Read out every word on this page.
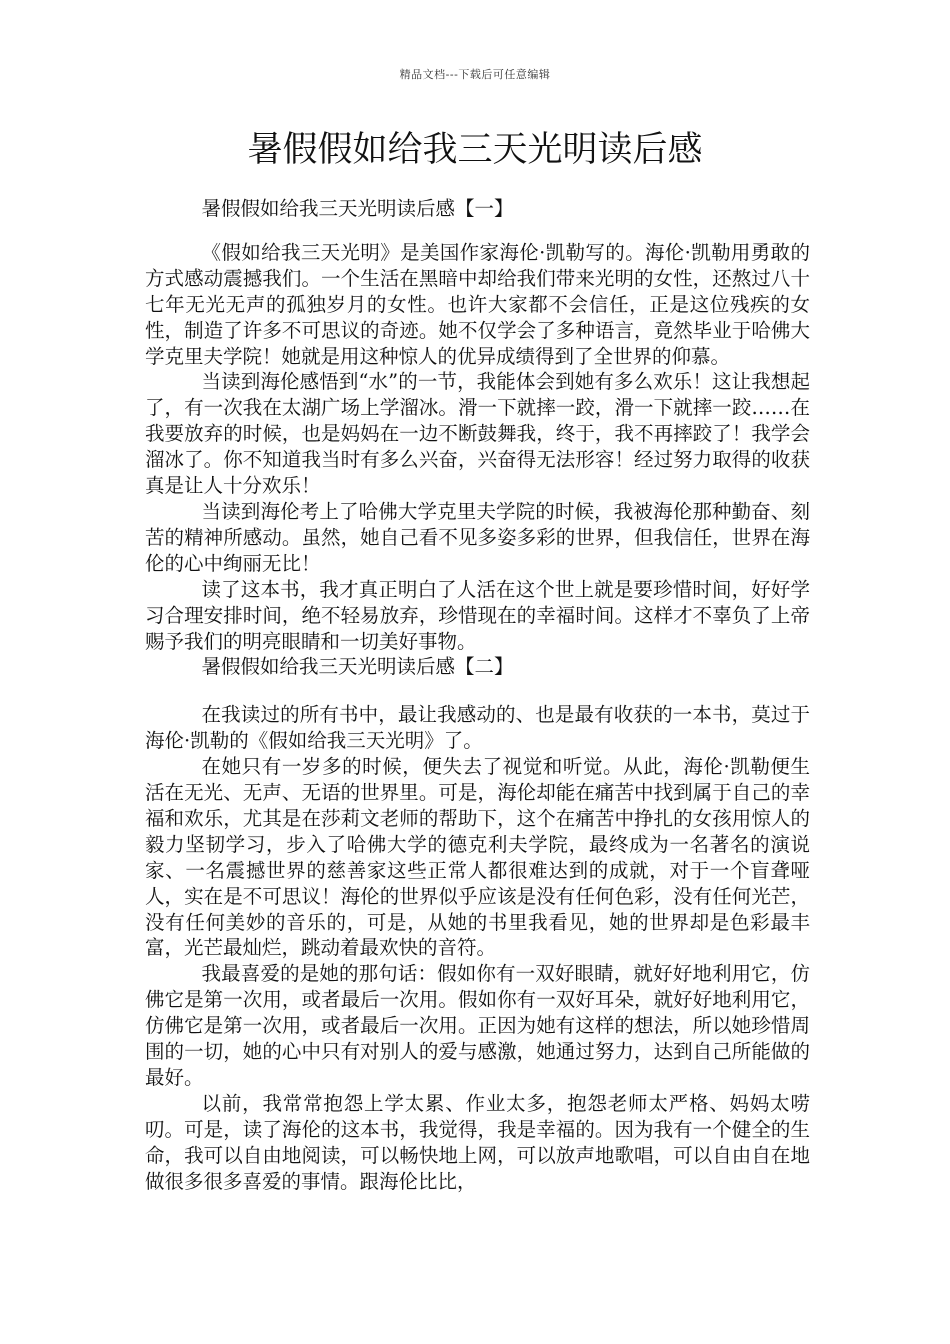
精品文档---下载后可任意编辑
暑假假如给我三天光明读后感
暑假假如给我三天光明读后感【一】

《假如给我三天光明》是美国作家海伦·凯勒写的。海伦·凯勒用勇敢的方式感动震撼我们。一个生活在黑暗中却给我们带来光明的女性，还熬过八十七年无光无声的孤独岁月的女性。也许大家都不会信任，正是这位残疾的女性，制造了许多不可思议的奇迹。她不仅学会了多种语言，竟然毕业于哈佛大学克里夫学院！她就是用这种惊人的优异成绩得到了全世界的仰慕。

当读到海伦感悟到“水”的一节，我能体会到她有多么欢乐！这让我想起了，有一次我在太湖广场上学溜冰。滑一下就摔一跤，滑一下就摔一跤……在我要放弃的时候，也是妈妈在一边不断鼓舞我，终于，我不再摔跤了！我学会溜冰了。你不知道我当时有多么兴奋，兴奋得无法形容！经过努力取得的收获真是让人十分欢乐！

当读到海伦考上了哈佛大学克里夫学院的时候，我被海伦那种勤奋、刻苦的精神所感动。虽然，她自己看不见多姿多彩的世界，但我信任，世界在海伦的心中绚丽无比！

读了这本书，我才真正明白了人活在这个世上就是要珍惜时间，好好学习合理安排时间，绝不轻易放弃，珍惜现在的幸福时间。这样才不辜负了上帝赐予我们的明亮眼睛和一切美好事物。

暑假假如给我三天光明读后感【二】

在我读过的所有书中，最让我感动的、也是最有收获的一本书，莫过于海伦·凯勒的《假如给我三天光明》了。

在她只有一岁多的时候，便失去了视觉和听觉。从此，海伦·凯勒便生活在无光、无声、无语的世界里。可是，海伦却能在痛苦中找到属于自己的幸福和欢乐，尤其是在莎莉文老师的帮助下，这个在痛苦中挣扎的女孩用惊人的毅力坚韧学习，步入了哈佛大学的德克利夫学院，最终成为一名著名的演说家、一名震撼世界的慈善家这些正常人都很难达到的成就，对于一个盲聋哑人，实在是不可思议！海伦的世界似乎应该是没有任何色彩，没有任何光芒，没有任何美妙的音乐的，可是，从她的书里我看见，她的世界却是色彩最丰富，光芒最灿烂，跳动着最欢快的音符。

我最喜爱的是她的那句话：假如你有一双好眼睛，就好好地利用它，仿佛它是第一次用，或者最后一次用。假如你有一双好耳朵，就好好地利用它，仿佛它是第一次用，或者最后一次用。正因为她有这样的想法，所以她珍惜周围的一切，她的心中只有对别人的爱与感激，她通过努力，达到自己所能做的最好。

以前，我常常抱怨上学太累、作业太多，抱怨老师太严格、妈妈太唠叨。可是，读了海伦的这本书，我觉得，我是幸福的。因为我有一个健全的生命，我可以自由地阅读，可以畅快地上网，可以放声地歌唱，可以自由自在地做很多很多喜爱的事情。跟海伦比比，
